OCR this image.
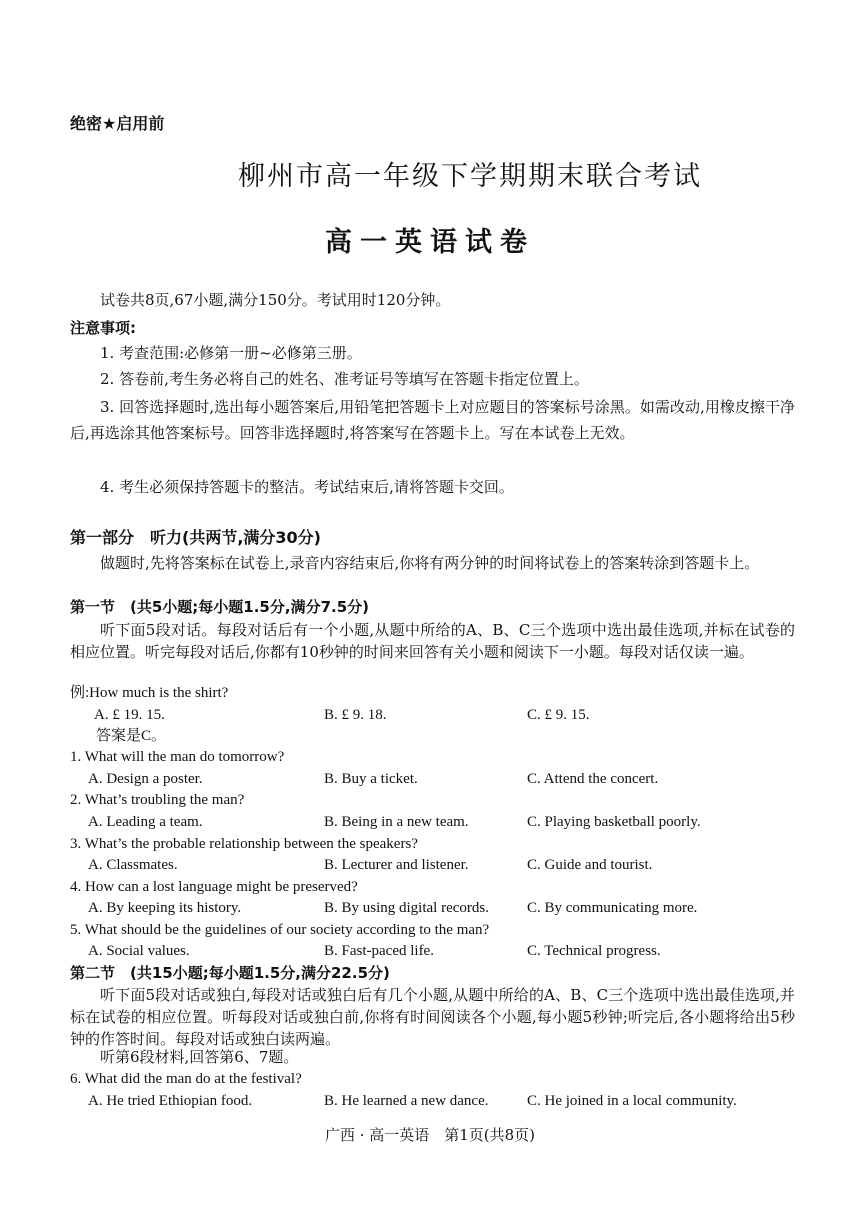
绝密★启用前
柳州市高一年级下学期期末联合考试
高一英语试卷
试卷共8页,67小题,满分150分。考试用时120分钟。
注意事项:
1. 考查范围:必修第一册~必修第三册。
2. 答卷前,考生务必将自己的姓名、准考证号等填写在答题卡指定位置上。
3. 回答选择题时,选出每小题答案后,用铅笔把答题卡上对应题目的答案标号涂黑。如需改动,用橡皮擦干净后,再选涂其他答案标号。回答非选择题时,将答案写在答题卡上。写在本试卷上无效。
4. 考生必须保持答题卡的整洁。考试结束后,请将答题卡交回。
第一部分　听力(共两节,满分30分)
做题时,先将答案标在试卷上,录音内容结束后,你将有两分钟的时间将试卷上的答案转涂到答题卡上。
第一节　(共5小题;每小题1.5分,满分7.5分)
听下面5段对话。每段对话后有一个小题,从题中所给的A、B、C三个选项中选出最佳选项,并标在试卷的相应位置。听完每段对话后,你都有10秒钟的时间来回答有关小题和阅读下一小题。每段对话仅读一遍。
例:How much is the shirt?
A. £ 19. 15.	B. £ 9. 18.	C. £ 9. 15.
答案是C。
1. What will the man do tomorrow?
A. Design a poster.	B. Buy a ticket.	C. Attend the concert.
2. What’s troubling the man?
A. Leading a team.	B. Being in a new team.	C. Playing basketball poorly.
3. What’s the probable relationship between the speakers?
A. Classmates.	B. Lecturer and listener.	C. Guide and tourist.
4. How can a lost language might be preserved?
A. By keeping its history.	B. By using digital records.	C. By communicating more.
5. What should be the guidelines of our society according to the man?
A. Social values.	B. Fast-paced life.	C. Technical progress.
第二节　(共15小题;每小题1.5分,满分22.5分)
听下面5段对话或独白,每段对话或独白后有几个小题,从题中所给的A、B、C三个选项中选出最佳选项,并标在试卷的相应位置。听每段对话或独白前,你将有时间阅读各个小题,每小题5秒钟;听完后,各小题将给出5秒钟的作答时间。每段对话或独白读两遍。
听第6段材料,回答第6、7题。
6. What did the man do at the festival?
A. He tried Ethiopian food.	B. He learned a new dance.	C. He joined in a local community.
广西 · 高一英语　第1页(共8页)
